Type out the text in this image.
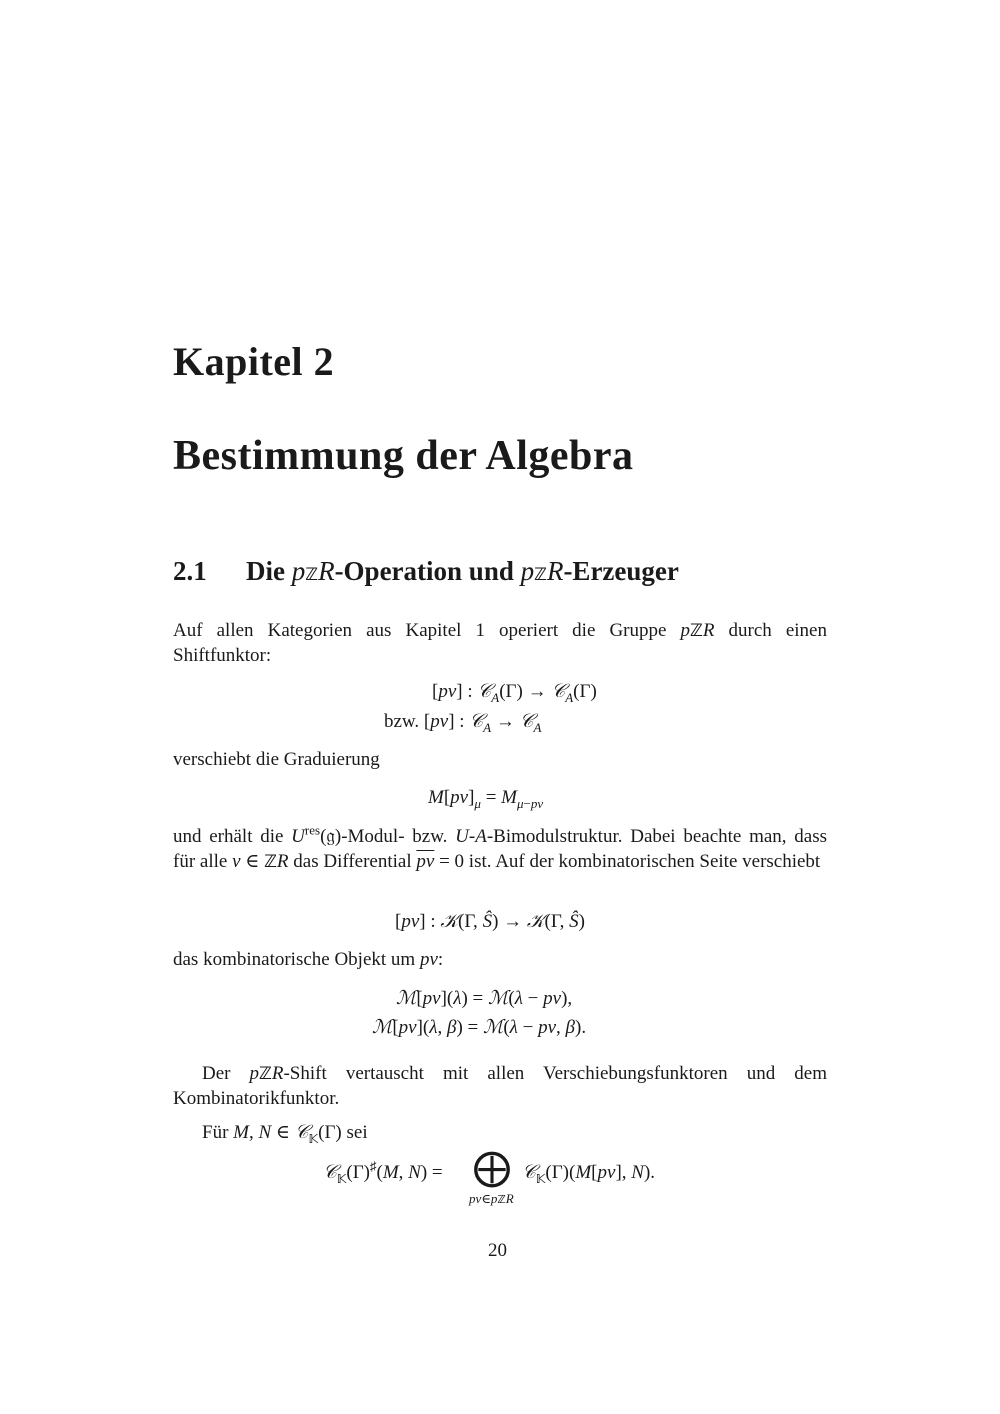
Kapitel 2
Bestimmung der Algebra
2.1 Die pℤR-Operation und pℤR-Erzeuger
Auf allen Kategorien aus Kapitel 1 operiert die Gruppe pℤR durch einen Shiftfunktor:
[pν] : 𝒞$_A$(Γ) → 𝒞$_A$(Γ)
bzw. [pν] : 𝒞$_A$ → 𝒞$_A$
verschiebt die Graduierung
$M[p\nu]_\mu = M_{\mu-p\nu}$
und erhält die $U^{res}(𝔤)-Modul-$ bzw. U-A-Bimodulstruktur. Dabei beachte man, dass für alle ν ∈ ℤR das Differential $\overline{p\nu} = 0$ ist. Auf der kombinatorischen Seite verschiebt
[pν] : 𝒦(Γ, Ŝ) → 𝒦(Γ, Ŝ)
das kombinatorische Objekt um pν:
ℳ[pν](λ) = ℳ(λ − pν),
ℳ[pν](λ, β) = ℳ(λ − pν, β).
Der pℤR-Shift vertauscht mit allen Verschiebungsfunktoren und dem Kombinatorikfunktor.
Für M, N ∈ 𝒞$_𝕂$(Γ) sei
𝒞$_𝕂$(Γ)♯(M, N) = ⨁
pν∈pℤR
𝒞$_𝕂$(Γ)(M[pν], N).
20
